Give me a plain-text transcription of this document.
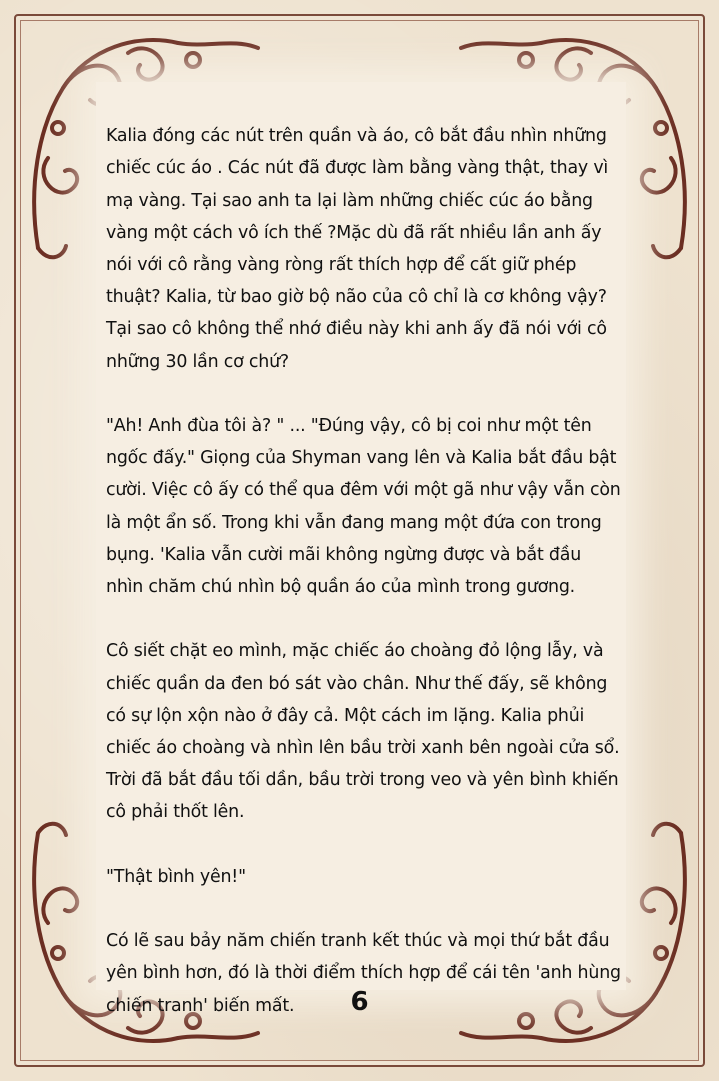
Kalia đóng các nút trên quần và áo, cô bắt đầu nhìn những chiếc cúc áo . Các nút đã được làm bằng vàng thật, thay vì mạ vàng. Tại sao anh ta lại làm những chiếc cúc áo bằng vàng một cách vô ích thế ?Mặc dù đã rất nhiều lần anh ấy nói với cô rằng vàng ròng rất thích hợp để cất giữ phép thuật? Kalia, từ bao giờ bộ não của cô chỉ là cơ không vậy? Tại sao cô không thể nhớ điều này khi anh ấy đã nói với cô những 30 lần cơ chứ?

"Ah! Anh đùa tôi à? " ... "Đúng vậy, cô bị coi như một tên ngốc đấy." Giọng của Shyman vang lên và Kalia bắt đầu bật cười. Việc cô ấy có thể qua đêm với một gã như vậy vẫn còn là một ẩn số. Trong khi vẫn đang mang một đứa con trong bụng. 'Kalia vẫn cười mãi không ngừng được và bắt đầu nhìn chăm chú nhìn bộ quần áo của mình trong gương.

Cô siết chặt eo mình, mặc chiếc áo choàng đỏ lộng lẫy, và chiếc quần da đen bó sát vào chân. Như thế đấy, sẽ không có sự lộn xộn nào ở đây cả. Một cách im lặng. Kalia phủi chiếc áo choàng và nhìn lên bầu trời xanh bên ngoài cửa sổ. Trời đã bắt đầu tối dần, bầu trời trong veo và yên bình khiến cô phải thốt lên.

"Thật bình yên!"

Có lẽ sau bảy năm chiến tranh kết thúc và mọi thứ bắt đầu yên bình hơn, đó là thời điểm thích hợp để cái tên 'anh hùng chiến tranh' biến mất.	6
